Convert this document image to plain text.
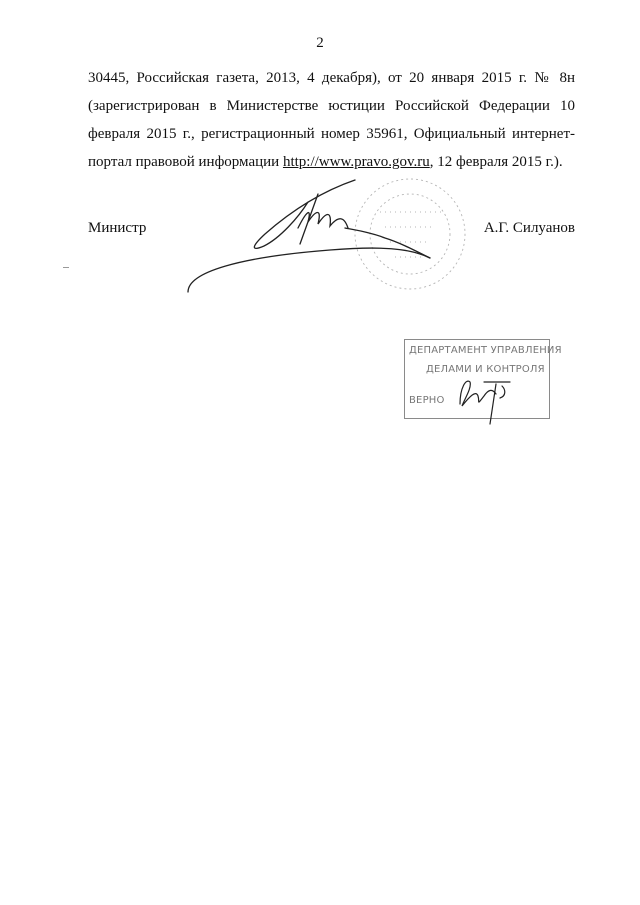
2
30445, Российская газета, 2013, 4 декабря), от 20 января 2015 г. № 8н
(зарегистрирован в Министерстве юстиции Российской Федерации 10
февраля 2015 г., регистрационный номер 35961, Официальный интернет-
портал правовой информации http://www.pravo.gov.ru, 12 февраля 2015 г.).
Министр	А.Г. Силуанов
ДЕПАРТАМЕНТ УПРАВЛЕНИЯ
ДЕЛАМИ И КОНТРОЛЯ
ВЕРНО
